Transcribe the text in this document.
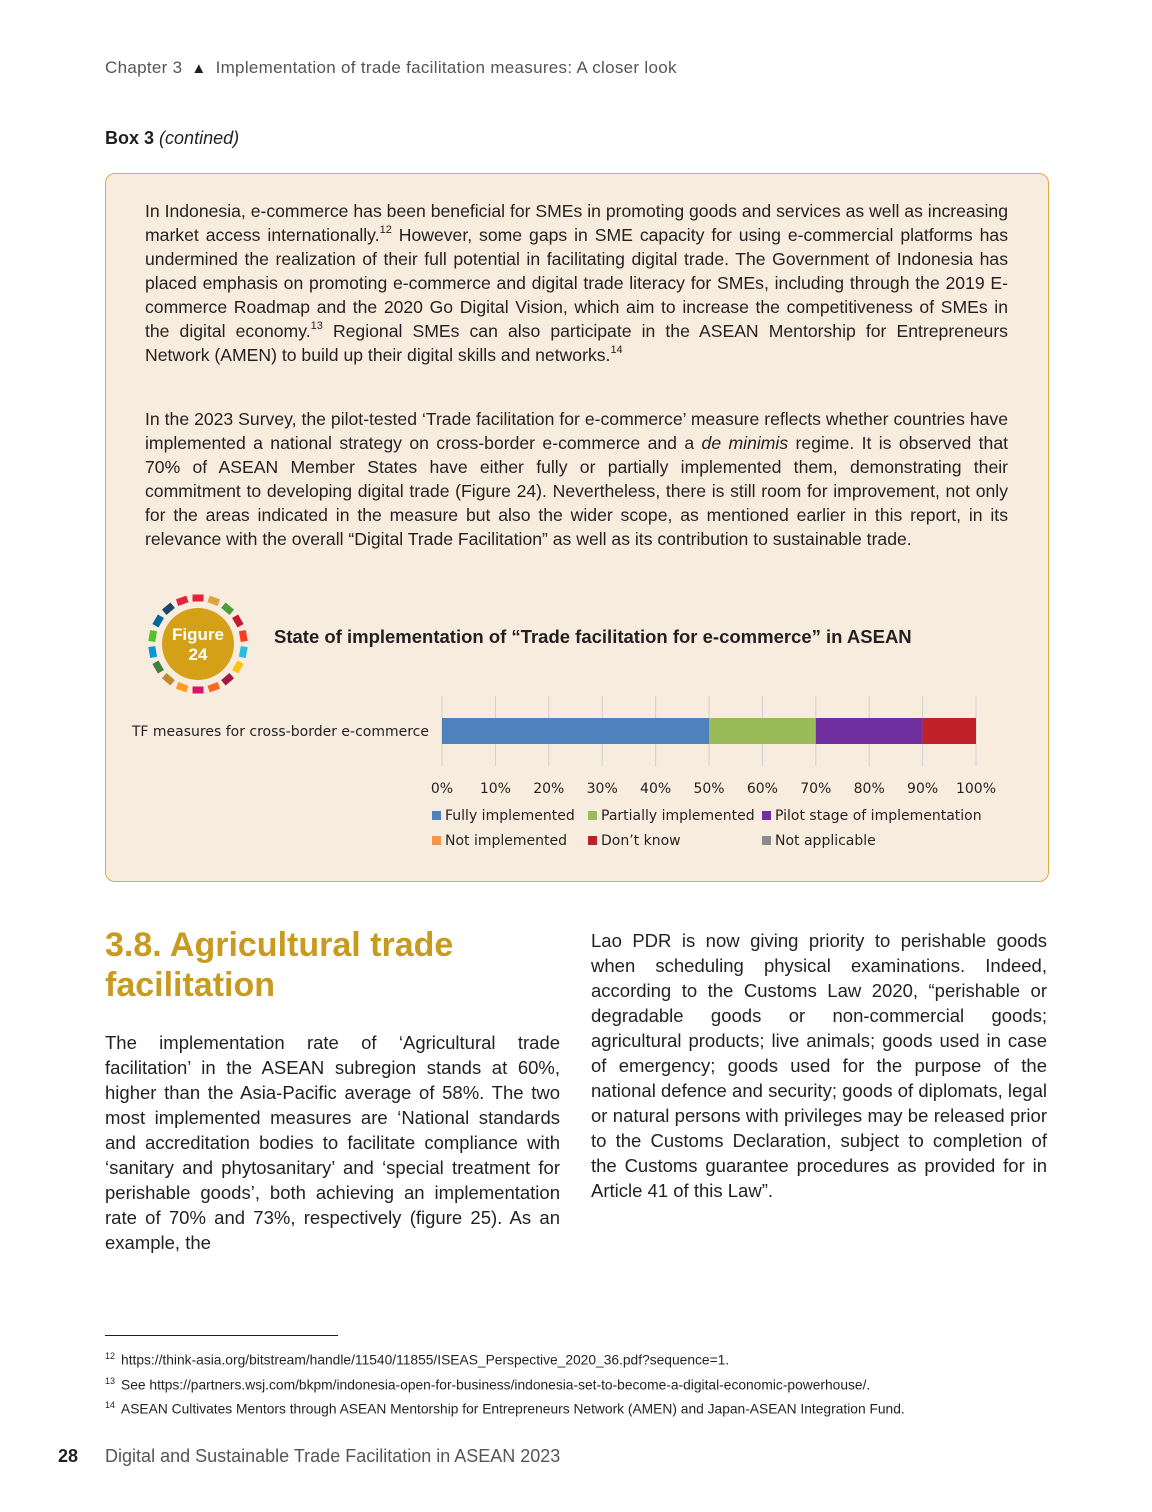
Chapter 3 ▲ Implementation of trade facilitation measures: A closer look
Box 3 (contined)

In Indonesia, e-commerce has been beneficial for SMEs in promoting goods and services as well as increasing market access internationally.$^{12}$ However, some gaps in SME capacity for using e-commercial platforms has undermined the realization of their full potential in facilitating digital trade. The Government of Indonesia has placed emphasis on promoting e-commerce and digital trade literacy for SMEs, including through the 2019 E-commerce Roadmap and the 2020 Go Digital Vision, which aim to increase the competitiveness of SMEs in the digital economy.$^{13}$ Regional SMEs can also participate in the ASEAN Mentorship for Entrepreneurs Network (AMEN) to build up their digital skills and networks.$^{14}$

In the 2023 Survey, the pilot-tested ‘Trade facilitation for e-commerce’ measure reflects whether countries have implemented a national strategy on cross-border e-commerce and a de minimis regime. It is observed that 70% of ASEAN Member States have either fully or partially implemented them, demonstrating their commitment to developing digital trade (Figure 24). Nevertheless, there is still room for improvement, not only for the areas indicated in the measure but also the wider scope, as mentioned earlier in this report, in its relevance with the overall “Digital Trade Facilitation” as well as its contribution to sustainable trade.

Figure
24
State of implementation of “Trade facilitation for e-commerce” in ASEAN
0% 10% 20% 30% 40% 50% 60% 70% 80% 90% 100%
TF measures for cross-border e-commerce
Fully implemented	Partially implemented	Pilot stage of implementation
Not implemented	Don’t know	Not applicable
3.8. Agricultural trade facilitation

The implementation rate of ‘Agricultural trade facilitation’ in the ASEAN subregion stands at 60%, higher than the Asia-Pacific average of 58%. The two most implemented measures are ‘National standards and accreditation bodies to facilitate compliance with ‘sanitary and phytosanitary’ and ‘special treatment for perishable goods’, both achieving an implementation rate of 70% and 73%, respectively (figure 25). As an example, the

Lao PDR is now giving priority to perishable goods when scheduling physical examinations. Indeed, according to the Customs Law 2020, “perishable or degradable goods or non-commercial goods; agricultural products; live animals; goods used in case of emergency; goods used for the purpose of the national defence and security; goods of diplomats, legal or natural persons with privileges may be released prior to the Customs Declaration, subject to completion of the Customs guarantee procedures as provided for in Article 41 of this Law”.

$^{12}$ https://think-asia.org/bitstream/handle/11540/11855/ISEAS_Perspective_2020_36.pdf?sequence=1.
$^{13}$ See https://partners.wsj.com/bkpm/indonesia-open-for-business/indonesia-set-to-become-a-digital-economic-powerhouse/.
$^{14}$ ASEAN Cultivates Mentors through ASEAN Mentorship for Entrepreneurs Network (AMEN) and Japan-ASEAN Integration Fund.
28 Digital and Sustainable Trade Facilitation in ASEAN 2023
